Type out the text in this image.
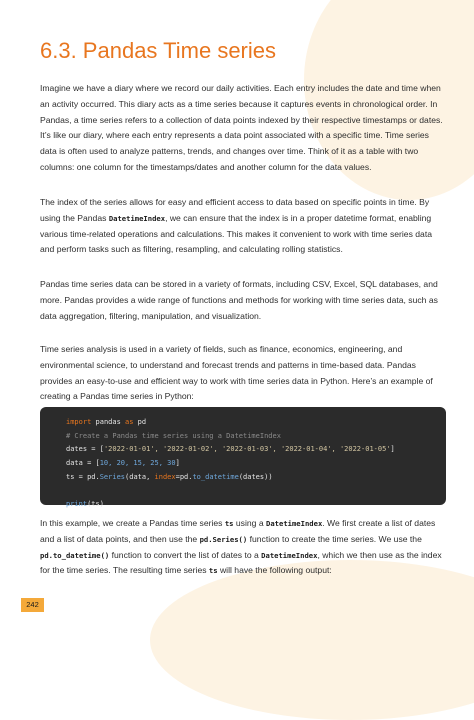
6.3. Pandas Time series

Imagine we have a diary where we record our daily activities. Each entry includes the date and time when an activity occurred. This diary acts as a time series because it captures events in chronological order. In Pandas, a time series refers to a collection of data points indexed by their respective timestamps or dates. It’s like our diary, where each entry represents a data point associated with a specific time. Time series data is often used to analyze patterns, trends, and changes over time. Think of it as a table with two columns: one column for the timestamps/dates and another column for the data values.

The index of the series allows for easy and efficient access to data based on specific points in time. By using the Pandas DatetimeIndex, we can ensure that the index is in a proper datetime format, enabling various time-related operations and calculations. This makes it convenient to work with time series data and perform tasks such as filtering, resampling, and calculating rolling statistics.

Pandas time series data can be stored in a variety of formats, including CSV, Excel, SQL databases, and more. Pandas provides a wide range of functions and methods for working with time series data, such as data aggregation, filtering, manipulation, and visualization.

Time series analysis is used in a variety of fields, such as finance, economics, engineering, and environmental science, to understand and forecast trends and patterns in time-based data. Pandas provides an easy-to-use and efficient way to work with time series data in Python. Here’s an example of creating a Pandas time series in Python:

import pandas as pd
# Create a Pandas time series using a DatetimeIndex
dates = ['2022-01-01', '2022-01-02', '2022-01-03', '2022-01-04', '2022-01-05']
data = [10, 20, 15, 25, 30]
ts = pd.Series(data, index=pd.to_datetime(dates))
print(ts)

In this example, we create a Pandas time series ts using a DatetimeIndex. We first create a list of dates and a list of data points, and then use the pd.Series() function to create the time series. We use the pd.to_datetime() function to convert the list of dates to a DatetimeIndex, which we then use as the index for the time series. The resulting time series ts will have the following output:

242
